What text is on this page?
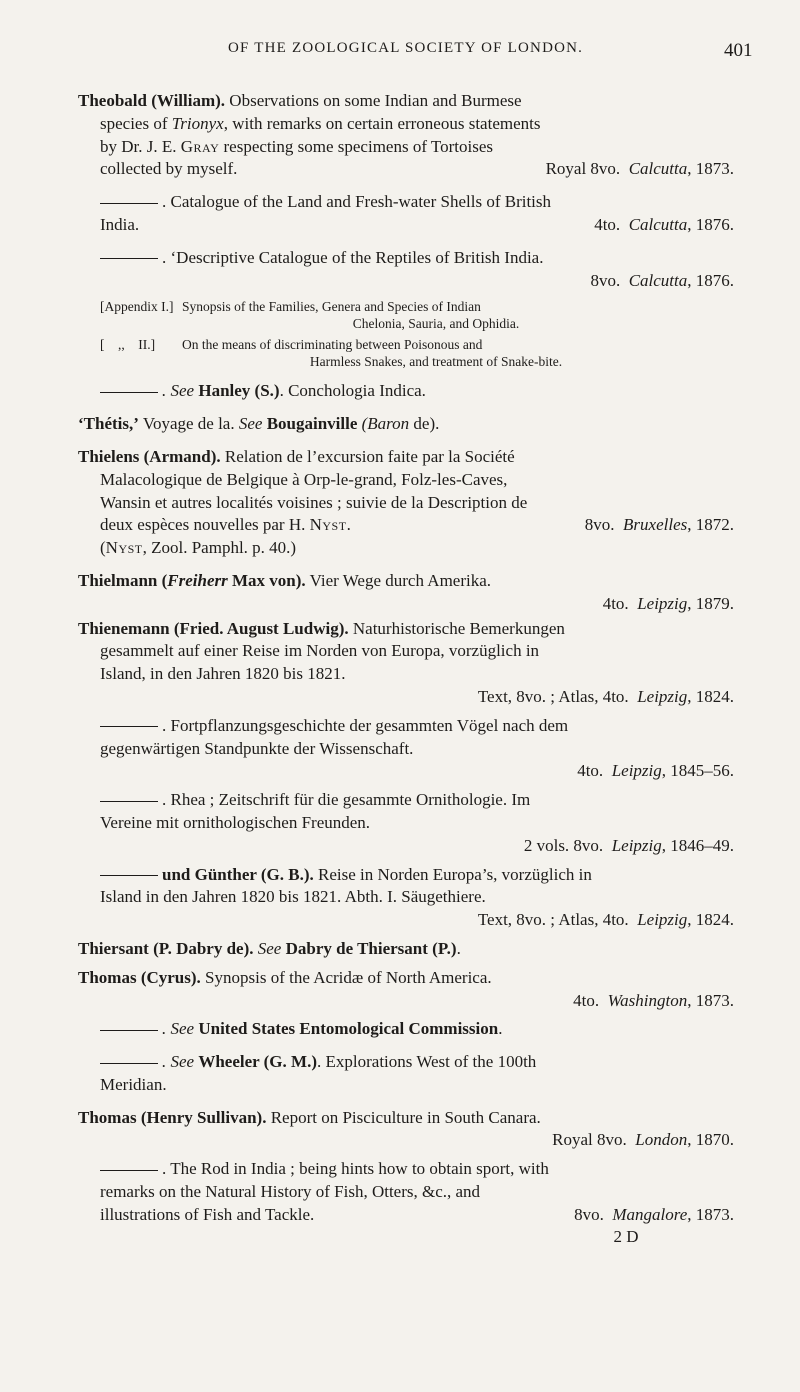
OF THE ZOOLOGICAL SOCIETY OF LONDON.	401

Theobald (William). Observations on some Indian and Burmese
species of Trionyx, with remarks on certain erroneous statements
by Dr. J. E. Gray respecting some specimens of Tortoises
collected by myself.	Royal 8vo. Calcutta, 1873.

. Catalogue of the Land and Fresh-water Shells of British
India.	4to. Calcutta, 1876.

. ‘Descriptive Catalogue of the Reptiles of British India.
8vo. Calcutta, 1876.

[Appendix I.] Synopsis of the Families, Genera and Species of Indian
Chelonia, Sauria, and Ophidia.

[    ,,    II.] On the means of discriminating between Poisonous and
Harmless Snakes, and treatment of Snake-bite.

. See Hanley (S.). Conchologia Indica.

‘Thétis,’ Voyage de la. See Bougainville (Baron de).

Thielens (Armand). Relation de l’excursion faite par la Société
Malacologique de Belgique à Orp-le-grand, Folz-les-Caves,
Wansin et autres localités voisines ; suivie de la Description de
deux espèces nouvelles par H. Nyst.	8vo. Bruxelles, 1872.
(Nyst, Zool. Pamphl. p. 40.)

Thielmann (Freiherr Max von). Vier Wege durch Amerika.
4to. Leipzig, 1879.

Thienemann (Fried. August Ludwig). Naturhistorische Bemerkungen
gesammelt auf einer Reise im Norden von Europa, vorzüglich in
Island, in den Jahren 1820 bis 1821.
Text, 8vo. ; Atlas, 4to. Leipzig, 1824.

. Fortpflanzungsgeschichte der gesammten Vögel nach dem
gegenwärtigen Standpunkte der Wissenschaft.
4to. Leipzig, 1845–56.

. Rhea ; Zeitschrift für die gesammte Ornithologie. Im
Vereine mit ornithologischen Freunden.
2 vols. 8vo. Leipzig, 1846–49.

und Günther (G. B.). Reise in Norden Europa’s, vorzüglich in
Island in den Jahren 1820 bis 1821. Abth. I. Säugethiere.
Text, 8vo. ; Atlas, 4to. Leipzig, 1824.

Thiersant (P. Dabry de). See Dabry de Thiersant (P.).

Thomas (Cyrus). Synopsis of the Acridæ of North America.
4to. Washington, 1873.

. See United States Entomological Commission.

. See Wheeler (G. M.). Explorations West of the 100th
Meridian.

Thomas (Henry Sullivan). Report on Pisciculture in South Canara.
Royal 8vo. London, 1870.

. The Rod in India ; being hints how to obtain sport, with
remarks on the Natural History of Fish, Otters, &c., and
illustrations of Fish and Tackle.	8vo. Mangalore, 1873.

2 D
